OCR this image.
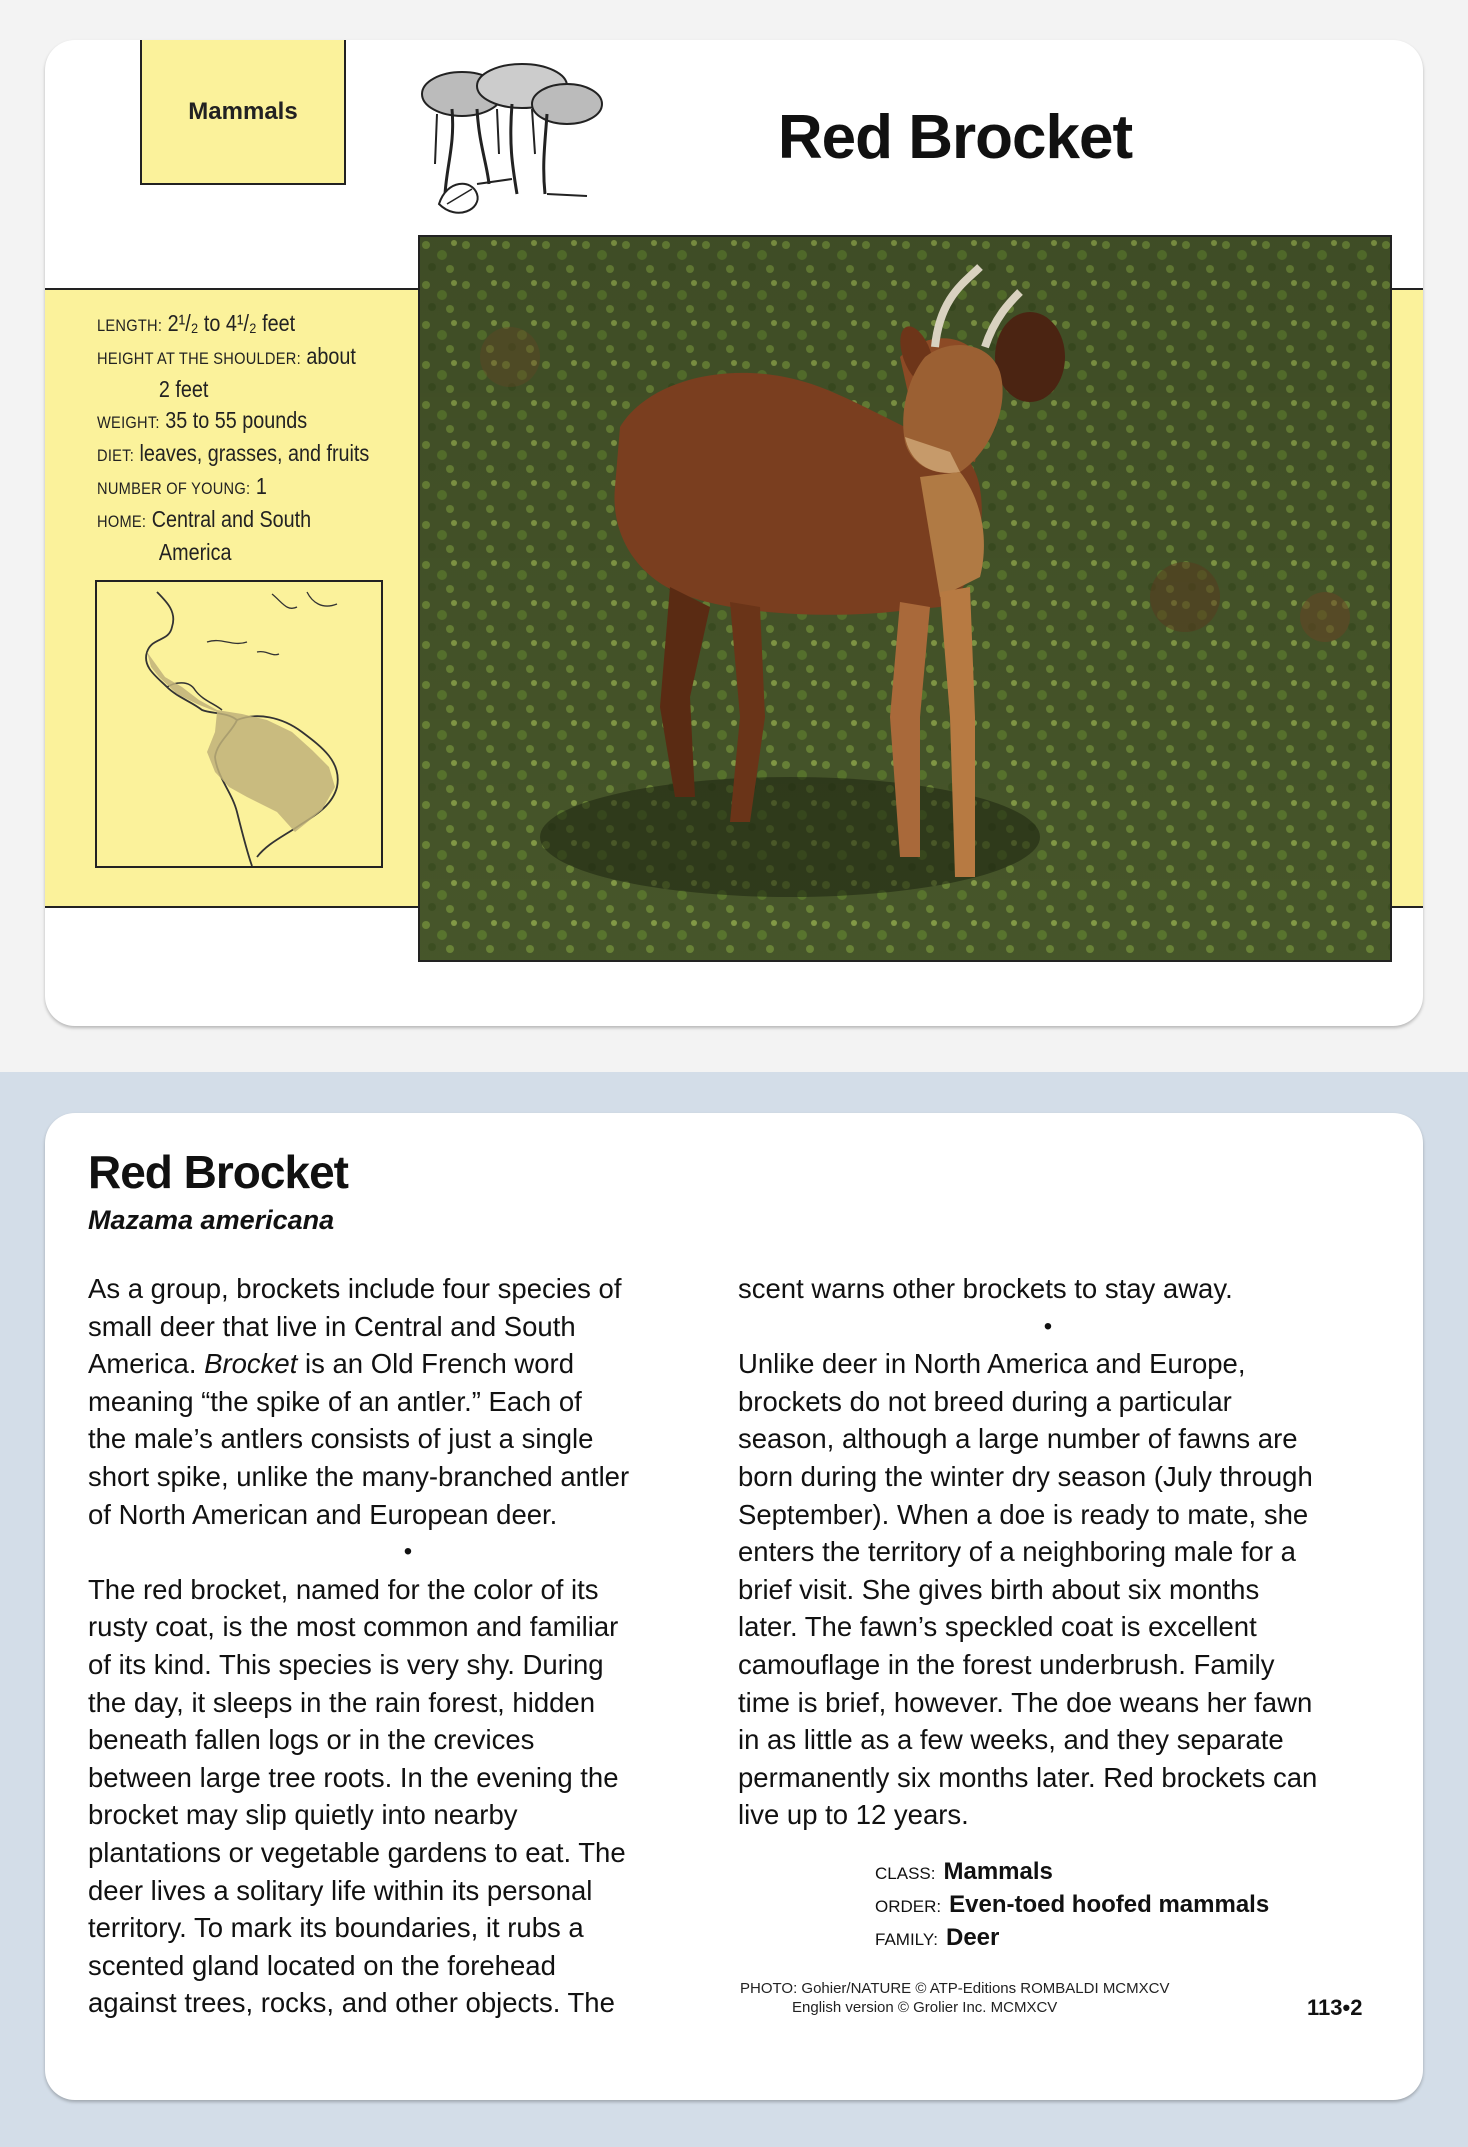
Mammals	Red Brocket
LENGTH: 2¹/₂ to 4¹/₂ feet
HEIGHT AT THE SHOULDER: about
2 feet
WEIGHT: 35 to 55 pounds
DIET: leaves, grasses, and fruits
NUMBER OF YOUNG: 1
HOME: Central and South
America
Red Brocket
Mazama americana

As a group, brockets include four species of

small deer that live in Central and South

America. Brocket is an Old French word

meaning “the spike of an antler.” Each of

the male’s antlers consists of just a single

short spike, unlike the many-branched antler

of North American and European deer.

•

The red brocket, named for the color of its

rusty coat, is the most common and familiar

of its kind. This species is very shy. During

the day, it sleeps in the rain forest, hidden

beneath fallen logs or in the crevices

between large tree roots. In the evening the

brocket may slip quietly into nearby

plantations or vegetable gardens to eat. The

deer lives a solitary life within its personal

territory. To mark its boundaries, it rubs a

scented gland located on the forehead

against trees, rocks, and other objects. The

scent warns other brockets to stay away.

•

Unlike deer in North America and Europe,

brockets do not breed during a particular

season, although a large number of fawns are

born during the winter dry season (July through

September). When a doe is ready to mate, she

enters the territory of a neighboring male for a

brief visit. She gives birth about six months

later. The fawn’s speckled coat is excellent

camouflage in the forest underbrush. Family

time is brief, however. The doe weans her fawn

in as little as a few weeks, and they separate

permanently six months later. Red brockets can

live up to 12 years.

CLASS: Mammals
ORDER: Even-toed hoofed mammals
FAMILY: Deer
PHOTO: Gohier/NATURE © ATP-Editions ROMBALDI MCMXCV
English version © Grolier Inc. MCMXCV	113•2
